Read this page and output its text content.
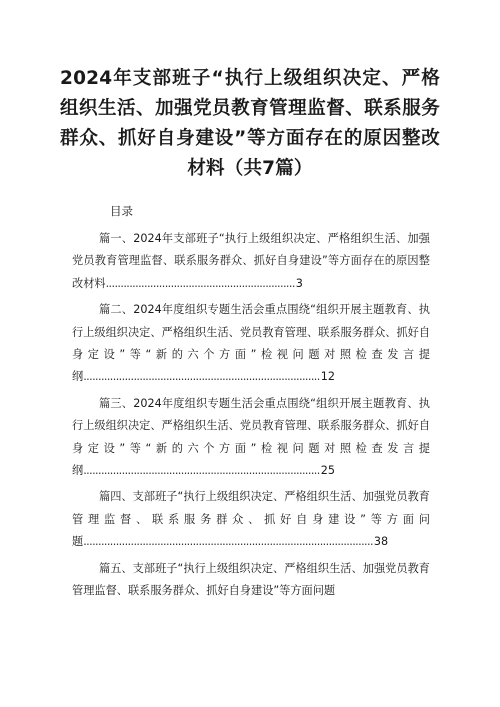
2024年支部班子“执行上级组织决定、严格组织生活、加强党员教育管理监督、联系服务群众、抓好自身建设”等方面存在的原因整改材料（共7篇）
目录
篇一、2024年支部班子“执行上级组织决定、严格组织生活、加强党员教育管理监督、联系服务群众、抓好自身建设”等方面存在的原因整改材料................................................................3
篇二、2024年度组织专题生活会重点围绕“组织开展主题教育、执行上级组织决定、严格组织生活、党员教育管理、联系服务群众、抓好自身定设”等“新的六个方面”检视问题对照检查发言提纲................................................................................12
篇三、2024年度组织专题生活会重点围绕“组织开展主题教育、执行上级组织决定、严格组织生活、党员教育管理、联系服务群众、抓好自身定设”等“新的六个方面”检视问题对照检查发言提纲................................................................................25
篇四、支部班子“执行上级组织决定、严格组织生活、加强党员教育管理监督、联系服务群众、抓好自身建设”等方面问题..................................................................................................38
篇五、支部班子“执行上级组织决定、严格组织生活、加强党员教育管理监督、联系服务群众、抓好自身建设”等方面问题
